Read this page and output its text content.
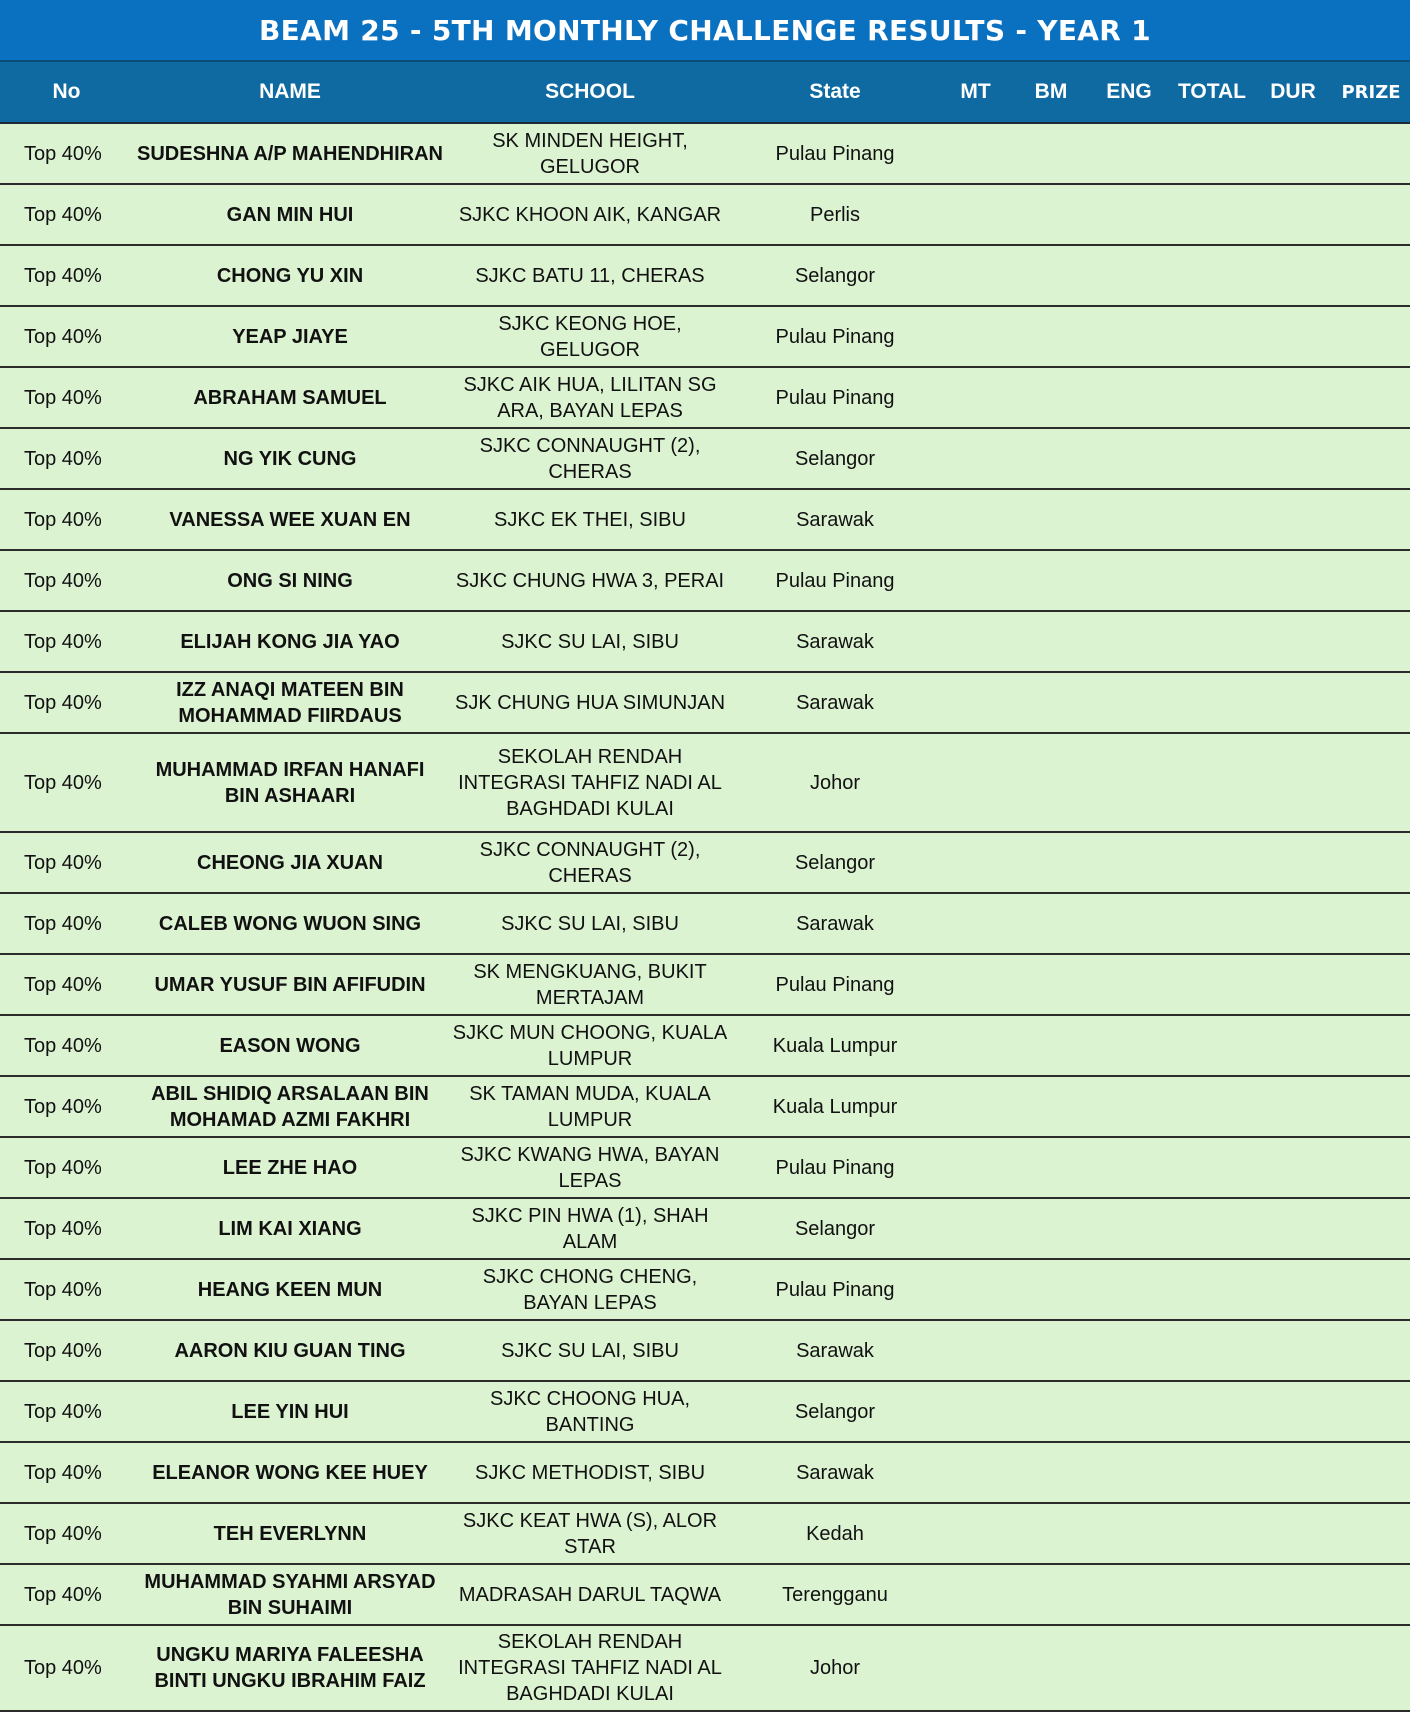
BEAM 25 - 5TH MONTHLY CHALLENGE RESULTS - YEAR 1
No	NAME	SCHOOL	State	MT	BM	ENG	TOTAL	DUR	PRIZE
Top 40%	SUDESHNA A/P MAHENDHIRAN	SK MINDEN HEIGHT, GELUGOR	Pulau Pinang						
Top 40%	GAN MIN HUI	SJKC KHOON AIK, KANGAR	Perlis						
Top 40%	CHONG YU XIN	SJKC BATU 11, CHERAS	Selangor						
Top 40%	YEAP JIAYE	SJKC KEONG HOE, GELUGOR	Pulau Pinang						
Top 40%	ABRAHAM SAMUEL	SJKC AIK HUA, LILITAN SG ARA, BAYAN LEPAS	Pulau Pinang						
Top 40%	NG YIK CUNG	SJKC CONNAUGHT (2), CHERAS	Selangor						
Top 40%	VANESSA WEE XUAN EN	SJKC EK THEI, SIBU	Sarawak						
Top 40%	ONG SI NING	SJKC CHUNG HWA 3, PERAI	Pulau Pinang						
Top 40%	ELIJAH KONG JIA YAO	SJKC SU LAI, SIBU	Sarawak						
Top 40%	IZZ ANAQI MATEEN BIN MOHAMMAD FIIRDAUS	SJK CHUNG HUA SIMUNJAN	Sarawak						
Top 40%	MUHAMMAD IRFAN HANAFI BIN ASHAARI	SEKOLAH RENDAH INTEGRASI TAHFIZ NADI AL BAGHDADI KULAI	Johor						
Top 40%	CHEONG JIA XUAN	SJKC CONNAUGHT (2), CHERAS	Selangor						
Top 40%	CALEB WONG WUON SING	SJKC SU LAI, SIBU	Sarawak						
Top 40%	UMAR YUSUF BIN AFIFUDIN	SK MENGKUANG, BUKIT MERTAJAM	Pulau Pinang						
Top 40%	EASON WONG	SJKC MUN CHOONG, KUALA LUMPUR	Kuala Lumpur						
Top 40%	ABIL SHIDIQ ARSALAAN BIN MOHAMAD AZMI FAKHRI	SK TAMAN MUDA, KUALA LUMPUR	Kuala Lumpur						
Top 40%	LEE ZHE HAO	SJKC KWANG HWA, BAYAN LEPAS	Pulau Pinang						
Top 40%	LIM KAI XIANG	SJKC PIN HWA (1), SHAH ALAM	Selangor						
Top 40%	HEANG KEEN MUN	SJKC CHONG CHENG, BAYAN LEPAS	Pulau Pinang						
Top 40%	AARON KIU GUAN TING	SJKC SU LAI, SIBU	Sarawak						
Top 40%	LEE YIN HUI	SJKC CHOONG HUA, BANTING	Selangor						
Top 40%	ELEANOR WONG KEE HUEY	SJKC METHODIST, SIBU	Sarawak						
Top 40%	TEH EVERLYNN	SJKC KEAT HWA (S), ALOR STAR	Kedah						
Top 40%	MUHAMMAD SYAHMI ARSYAD BIN SUHAIMI	MADRASAH DARUL TAQWA	Terengganu						
Top 40%	UNGKU MARIYA FALEESHA BINTI UNGKU IBRAHIM FAIZ	SEKOLAH RENDAH INTEGRASI TAHFIZ NADI AL BAGHDADI KULAI	Johor						
